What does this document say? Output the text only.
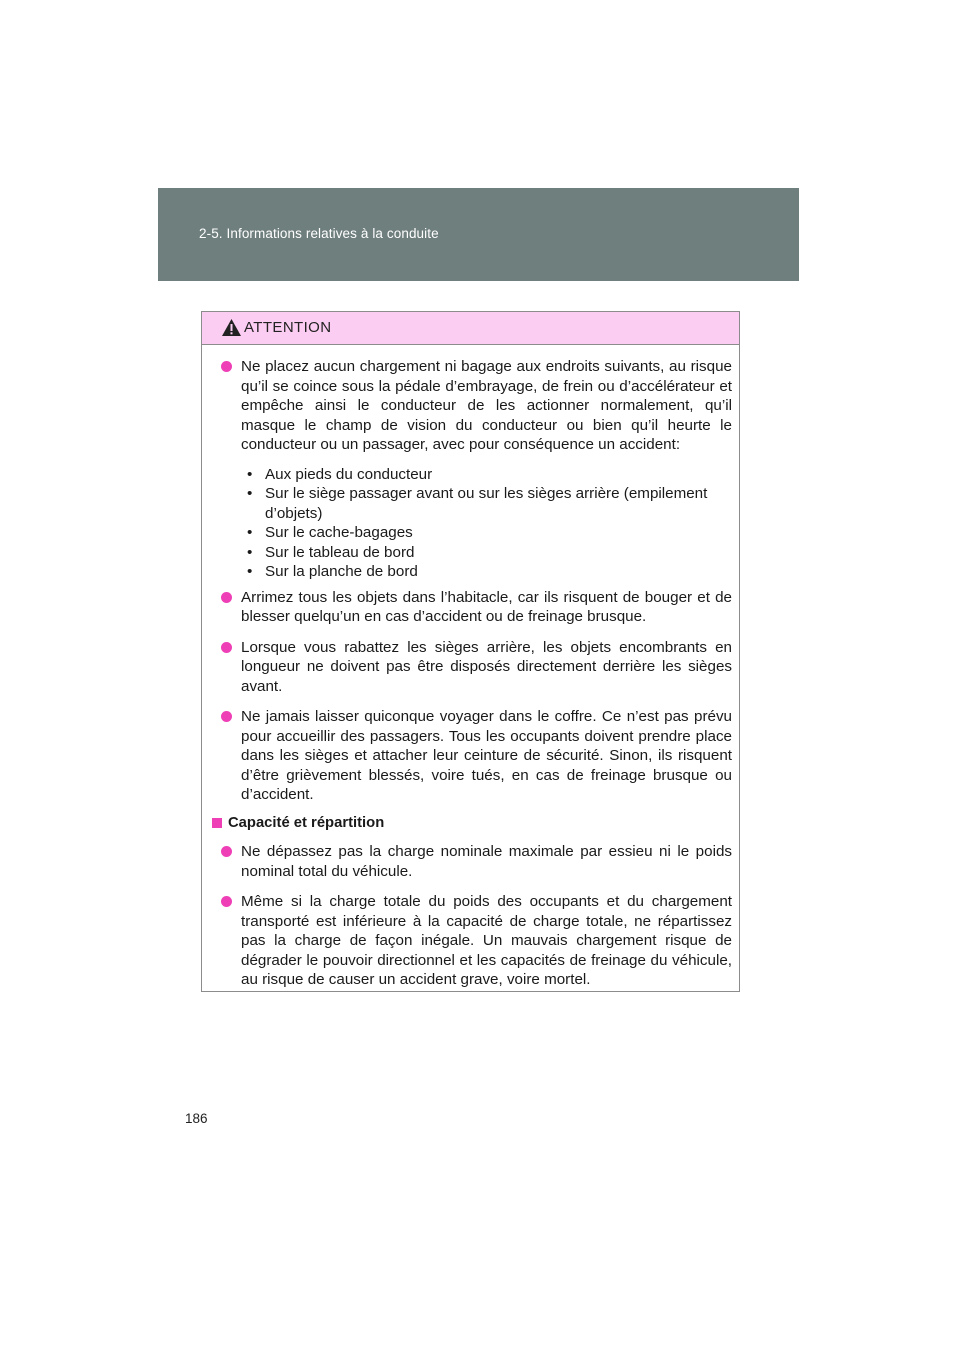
2-5. Informations relatives à la conduite
ATTENTION
Ne placez aucun chargement ni bagage aux endroits suivants, au risque qu’il se coince sous la pédale d’embrayage, de frein ou d’accélérateur et empêche ainsi le conducteur de les actionner normalement, qu’il masque le champ de vision du conducteur ou bien qu’il heurte le conducteur ou un passager, avec pour conséquence un accident:
• Aux pieds du conducteur
• Sur le siège passager avant ou sur les sièges arrière (empilement d’objets)
• Sur le cache-bagages
• Sur le tableau de bord
• Sur la planche de bord
Arrimez tous les objets dans l’habitacle, car ils risquent de bouger et de blesser quelqu’un en cas d’accident ou de freinage brusque.
Lorsque vous rabattez les sièges arrière, les objets encombrants en longueur ne doivent pas être disposés directement derrière les sièges avant.
Ne jamais laisser quiconque voyager dans le coffre. Ce n’est pas prévu pour accueillir des passagers. Tous les occupants doivent prendre place dans les sièges et attacher leur ceinture de sécurité. Sinon, ils risquent d’être grièvement blessés, voire tués, en cas de freinage brusque ou d’accident.
Capacité et répartition
Ne dépassez pas la charge nominale maximale par essieu ni le poids nominal total du véhicule.
Même si la charge totale du poids des occupants et du chargement transporté est inférieure à la capacité de charge totale, ne répartissez pas la charge de façon inégale. Un mauvais chargement risque de dégrader le pouvoir directionnel et les capacités de freinage du véhicule, au risque de causer un accident grave, voire mortel.
186
